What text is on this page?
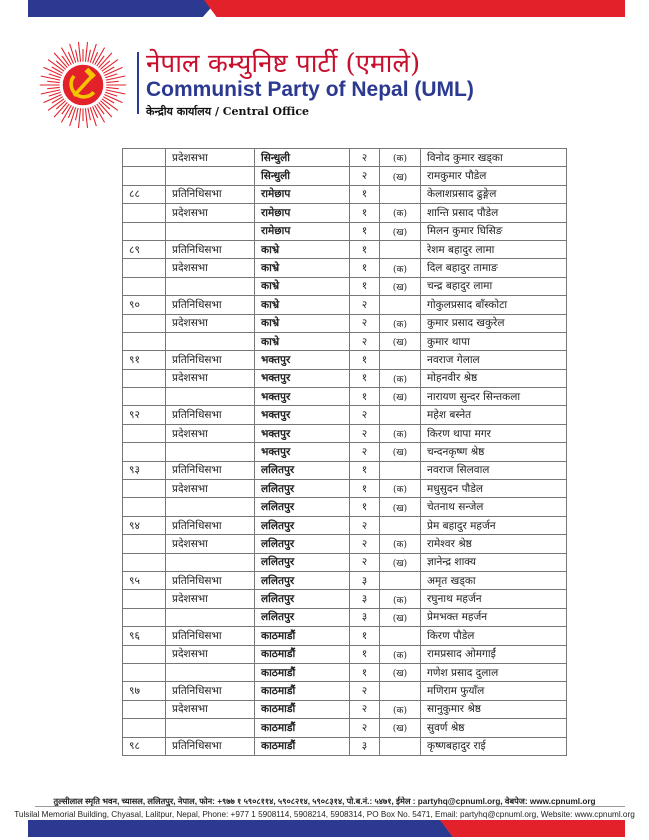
नेपाल कम्युनिष्ट पार्टी (एमाले)
Communist Party of Nepal (UML)
केन्द्रीय कार्यालय / Central Office
	प्रदेशसभा	सिन्धुली	२	(क)	विनोद कुमार खड्का
		सिन्धुली	२	(ख)	रामकुमार पौडेल
८८	प्रतिनिधिसभा	रामेछाप	१		केलाशप्रसाद ढुङ्गेल
	प्रदेशसभा	रामेछाप	१	(क)	शान्ति प्रसाद पौडेल
		रामेछाप	१	(ख)	मिलन कुमार घिसिङ
८९	प्रतिनिधिसभा	काभ्रे	१		रेशम बहादुर लामा
	प्रदेशसभा	काभ्रे	१	(क)	दिल बहादुर तामाङ
		काभ्रे	१	(ख)	चन्द्र बहादुर लामा
९०	प्रतिनिधिसभा	काभ्रे	२		गोकुलप्रसाद बाँस्कोटा
	प्रदेशसभा	काभ्रे	२	(क)	कुमार प्रसाद खकुरेल
		काभ्रे	२	(ख)	कुमार थापा
९१	प्रतिनिधिसभा	भक्तपुर	१		नवराज गेलाल
	प्रदेशसभा	भक्तपुर	१	(क)	मोहनवीर श्रेष्ठ
		भक्तपुर	१	(ख)	नारायण सुन्दर सिन्तकला
९२	प्रतिनिधिसभा	भक्तपुर	२		महेश बस्नेत
	प्रदेशसभा	भक्तपुर	२	(क)	किरण थापा मगर
		भक्तपुर	२	(ख)	चन्दनकृष्ण श्रेष्ठ
९३	प्रतिनिधिसभा	ललितपुर	१		नवराज सिलवाल
	प्रदेशसभा	ललितपुर	१	(क)	मधुसुदन पौडेल
		ललितपुर	१	(ख)	चेतनाथ सन्जेल
९४	प्रतिनिधिसभा	ललितपुर	२		प्रेम बहादुर महर्जन
	प्रदेशसभा	ललितपुर	२	(क)	रामेश्वर श्रेष्ठ
		ललितपुर	२	(ख)	ज्ञानेन्द्र शाक्य
९५	प्रतिनिधिसभा	ललितपुर	३		अमृत खड्का
	प्रदेशसभा	ललितपुर	३	(क)	रघुनाथ महर्जन
		ललितपुर	३	(ख)	प्रेमभक्त महर्जन
९६	प्रतिनिधिसभा	काठमाडौं	१		किरण पौडेल
	प्रदेशसभा	काठमाडौं	१	(क)	रामप्रसाद ओमगाईं
		काठमाडौं	१	(ख)	गणेश प्रसाद दुलाल
९७	प्रतिनिधिसभा	काठमाडौं	२		मणिराम फुयाँल
	प्रदेशसभा	काठमाडौं	२	(क)	सानुकुमार श्रेष्ठ
		काठमाडौं	२	(ख)	सुवर्ण श्रेष्ठ
९८	प्रतिनिधिसभा	काठमाडौं	३		कृष्णबहादुर राई
तुल्सीलाल स्मृति भवन, च्यासल, ललितपुर, नेपाल, फोन: +९७७ १ ५९०८११४, ५९०८२१४, ५९०८३१४, पो.ब.नं.: ५४७१, ईमेल : partyhq@cpnuml.org, वेबपेज: www.cpnuml.org
Tulsilal Memorial Building, Chyasal, Lalitpur, Nepal, Phone: +977 1 5908114, 5908214, 5908314, PO Box No. 5471, Email: partyhq@cpnuml.org, Website: www.cpnuml.org
